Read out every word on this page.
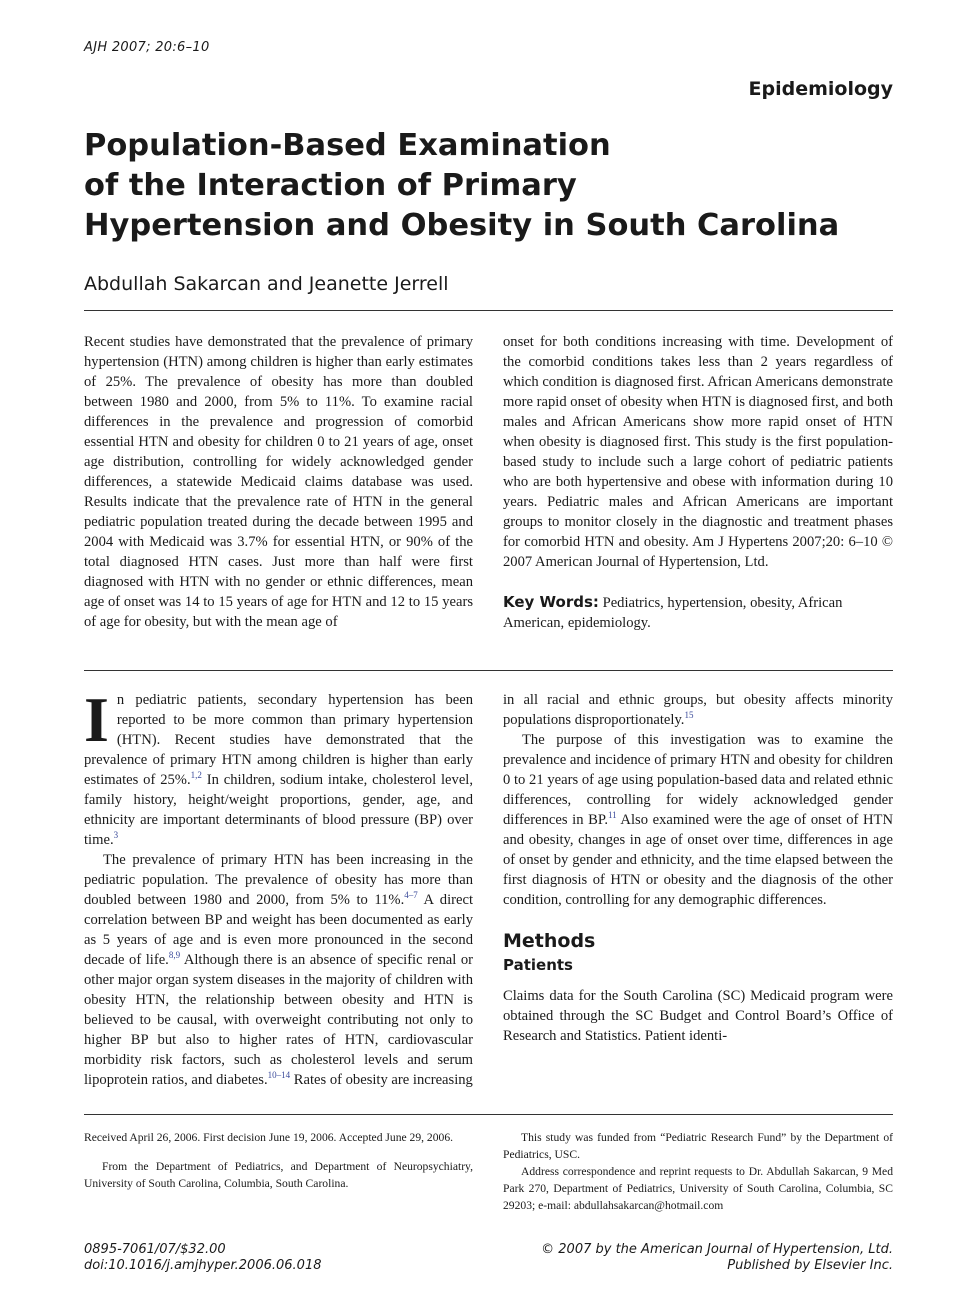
AJH 2007; 20:6–10
Epidemiology
Population-Based Examination
of the Interaction of Primary
Hypertension and Obesity in South Carolina
Abdullah Sakarcan and Jeanette Jerrell

Recent studies have demonstrated that the prevalence of primary hypertension (HTN) among children is higher than early estimates of 25%. The prevalence of obesity has more than doubled between 1980 and 2000, from 5% to 11%. To examine racial differences in the prevalence and progression of comorbid essential HTN and obesity for children 0 to 21 years of age, onset age distribution, controlling for widely acknowledged gender differences, a statewide Medicaid claims database was used. Results indicate that the prevalence rate of HTN in the general pediatric population treated during the decade between 1995 and 2004 with Medicaid was 3.7% for essential HTN, or 90% of the total diagnosed HTN cases. Just more than half were first diagnosed with HTN with no gender or ethnic differences, mean age of onset was 14 to 15 years of age for HTN and 12 to 15 years of age for obesity, but with the mean age of

onset for both conditions increasing with time. Development of the comorbid conditions takes less than 2 years regardless of which condition is diagnosed first. African Americans demonstrate more rapid onset of obesity when HTN is diagnosed first, and both males and African Americans show more rapid onset of HTN when obesity is diagnosed first. This study is the first population-based study to include such a large cohort of pediatric patients who are both hypertensive and obese with information during 10 years. Pediatric males and African Americans are important groups to monitor closely in the diagnostic and treatment phases for comorbid HTN and obesity. Am J Hypertens 2007;20: 6–10 © 2007 American Journal of Hypertension, Ltd.

Key Words: Pediatrics, hypertension, obesity, African American, epidemiology.

In pediatric patients, secondary hypertension has been reported to be more common than primary hypertension (HTN). Recent studies have demonstrated that the prevalence of primary HTN among children is higher than early estimates of 25%.$^{1,2}$ In children, sodium intake, cholesterol level, family history, height/weight proportions, gender, age, and ethnicity are important determinants of blood pressure (BP) over time.$^3$

The prevalence of primary HTN has been increasing in the pediatric population. The prevalence of obesity has more than doubled between 1980 and 2000, from 5% to 11%.$^{4-7}$ A direct correlation between BP and weight has been documented as early as 5 years of age and is even more pronounced in the second decade of life.$^{8,9}$ Although there is an absence of specific renal or other major organ system diseases in the majority of children with obesity HTN, the relationship between obesity and HTN is believed to be causal, with overweight contributing not only to higher BP but also to higher rates of HTN, cardiovascular morbidity risk factors, such as cholesterol levels and serum lipoprotein ratios, and diabetes.$^{10-14}$ Rates of obesity are increasing

in all racial and ethnic groups, but obesity affects minority populations disproportionately.$^{15}$

The purpose of this investigation was to examine the prevalence and incidence of primary HTN and obesity for children 0 to 21 years of age using population-based data and related ethnic differences, controlling for widely acknowledged gender differences in BP.$^{11}$ Also examined were the age of onset of HTN and obesity, changes in age of onset over time, differences in age of onset by gender and ethnicity, and the time elapsed between the first diagnosis of HTN or obesity and the diagnosis of the other condition, controlling for any demographic differences.

Methods
Patients

Claims data for the South Carolina (SC) Medicaid program were obtained through the SC Budget and Control Board’s Office of Research and Statistics. Patient identi-

Received April 26, 2006. First decision June 19, 2006. Accepted June 29, 2006.

From the Department of Pediatrics, and Department of Neuropsychiatry, University of South Carolina, Columbia, South Carolina.

This study was funded from “Pediatric Research Fund” by the Department of Pediatrics, USC.

Address correspondence and reprint requests to Dr. Abdullah Sakarcan, 9 Med Park 270, Department of Pediatrics, University of South Carolina, Columbia, SC 29203; e-mail: abdullahsakarcan@hotmail.com

0895-7061/07/$32.00
doi:10.1016/j.amjhyper.2006.06.018
© 2007 by the American Journal of Hypertension, Ltd.
Published by Elsevier Inc.
